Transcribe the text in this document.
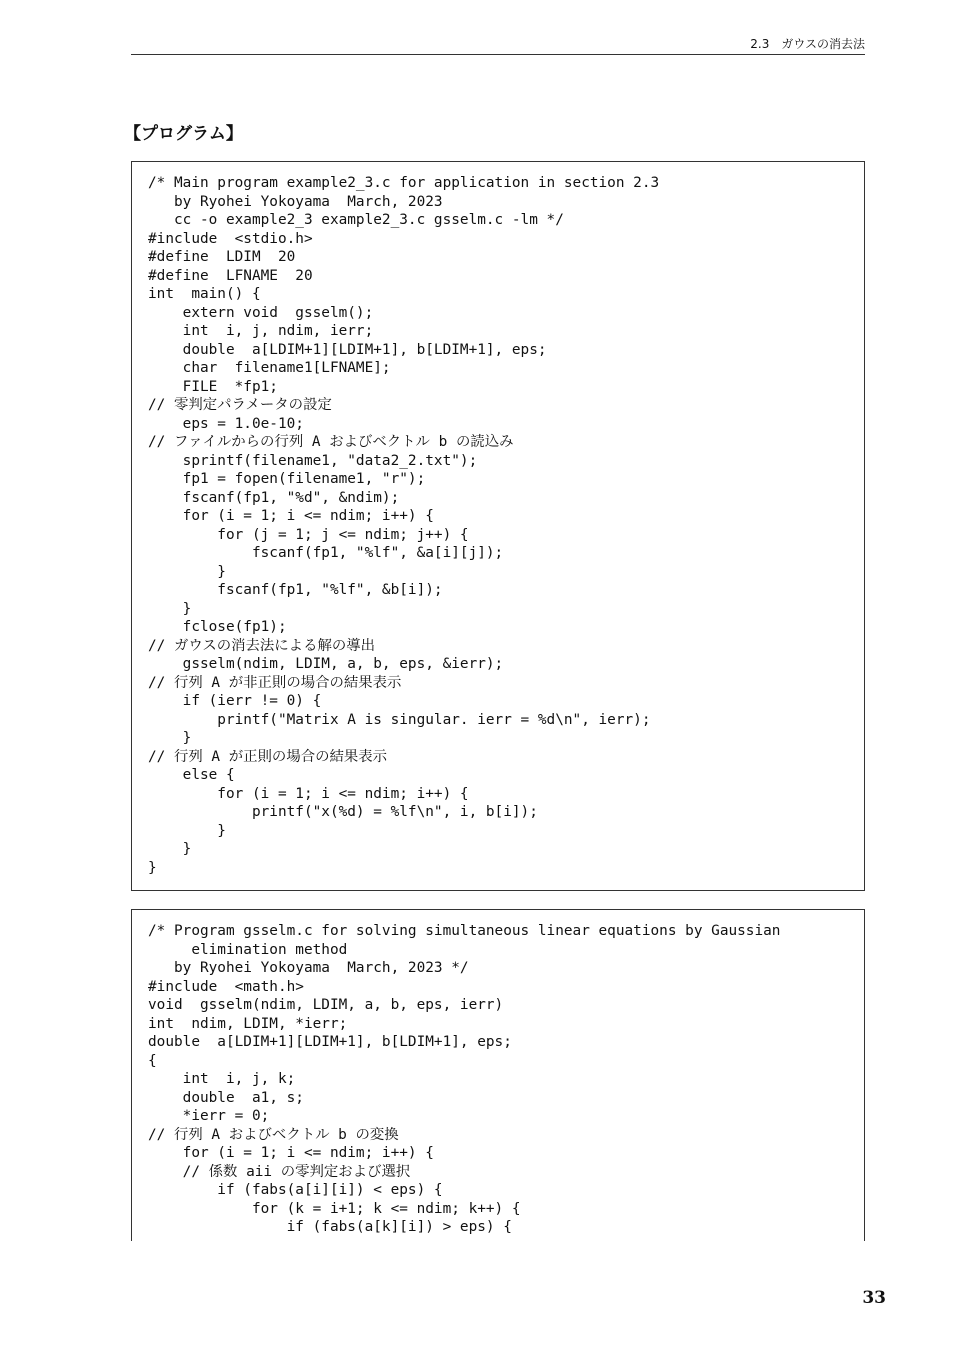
2.3　ガウスの消去法
【プログラム】
/* Main program example2_3.c for application in section 2.3
by Ryohei Yokoyama  March, 2023
cc -o example2_3 example2_3.c gsselm.c -lm */
#include  <stdio.h>
#define  LDIM  20
#define  LFNAME  20
int  main() {
extern void  gsselm();
int  i, j, ndim, ierr;
double  a[LDIM+1][LDIM+1], b[LDIM+1], eps;
char  filename1[LFNAME];
FILE  *fp1;
// 零判定パラメータの設定
eps = 1.0e-10;
// ファイルからの行列 A およびベクトル b の読込み
sprintf(filename1, "data2_2.txt");
fp1 = fopen(filename1, "r");
fscanf(fp1, "%d", &ndim);
for (i = 1; i <= ndim; i++) {
for (j = 1; j <= ndim; j++) {
fscanf(fp1, "%lf", &a[i][j]);
}
fscanf(fp1, "%lf", &b[i]);
}
fclose(fp1);
// ガウスの消去法による解の導出
gsselm(ndim, LDIM, a, b, eps, &ierr);
// 行列 A が非正則の場合の結果表示
if (ierr != 0) {
printf("Matrix A is singular. ierr = %d\n", ierr);
}
// 行列 A が正則の場合の結果表示
else {
for (i = 1; i <= ndim; i++) {
printf("x(%d) = %lf\n", i, b[i]);
}
}
}
/* Program gsselm.c for solving simultaneous linear equations by Gaussian
elimination method
by Ryohei Yokoyama  March, 2023 */
#include  <math.h>
void  gsselm(ndim, LDIM, a, b, eps, ierr)
int  ndim, LDIM, *ierr;
double  a[LDIM+1][LDIM+1], b[LDIM+1], eps;
{
int  i, j, k;
double  a1, s;
*ierr = 0;
// 行列 A およびベクトル b の変換
for (i = 1; i <= ndim; i++) {
// 係数 aii の零判定および選択
if (fabs(a[i][i]) < eps) {
for (k = i+1; k <= ndim; k++) {
if (fabs(a[k][i]) > eps) {
33
